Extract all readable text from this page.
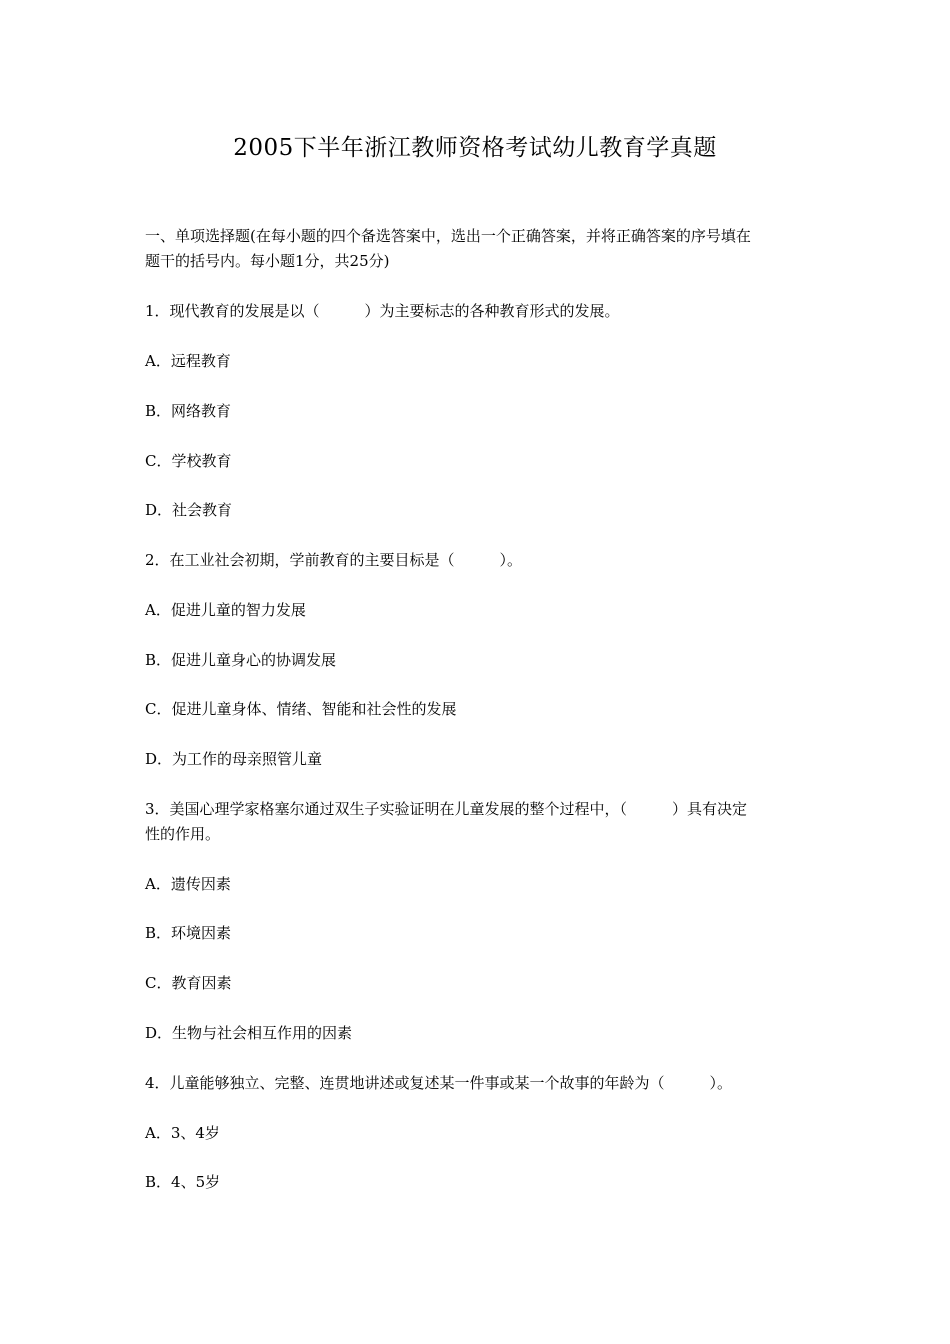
2005下半年浙江教师资格考试幼儿教育学真题
一、单项选择题(在每小题的四个备选答案中，选出一个正确答案，并将正确答案的序号填在
题干的括号内。每小题1分，共25分)
1．现代教育的发展是以（　　　）为主要标志的各种教育形式的发展。
A．远程教育
B．网络教育
C．学校教育
D．社会教育
2．在工业社会初期，学前教育的主要目标是（　　　）。
A．促进儿童的智力发展
B．促进儿童身心的协调发展
C．促进儿童身体、情绪、智能和社会性的发展
D．为工作的母亲照管儿童
3．美国心理学家格塞尔通过双生子实验证明在儿童发展的整个过程中，（　　　）具有决定
性的作用。
A．遗传因素
B．环境因素
C．教育因素
D．生物与社会相互作用的因素
4．儿童能够独立、完整、连贯地讲述或复述某一件事或某一个故事的年龄为（　　　）。
A．3、4岁
B．4、5岁
